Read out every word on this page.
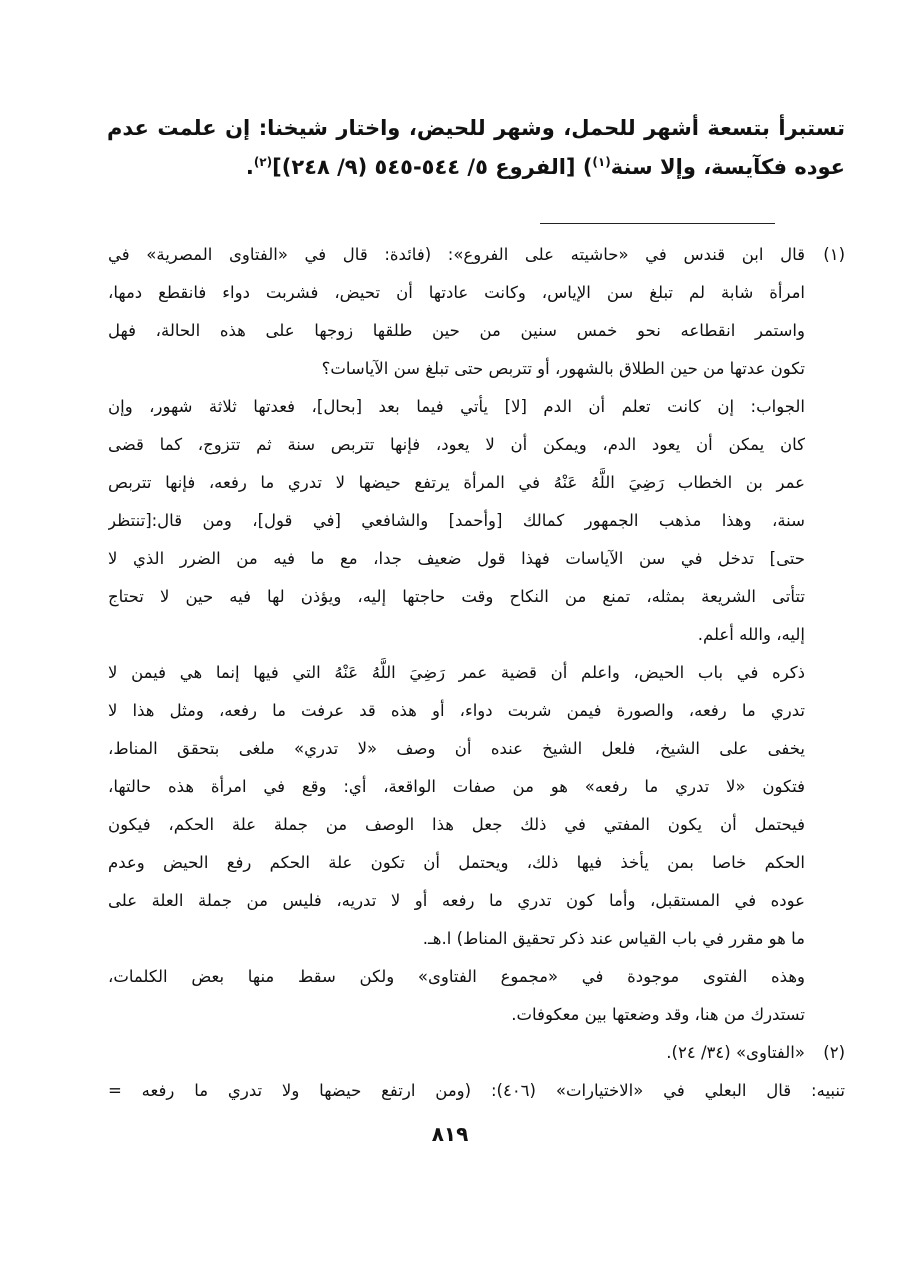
تستبرأ بتسعة أشهر للحمل، وشهر للحيض، واختار شيخنا: إن علمت عدم
عوده فكآيسة، وإلا سنة$^{(١)}$) [الفروع ٥/ ٥٤٤-٥٤٥ (٩/ ٢٤٨)]$^{(٢)}$.
(١)قال ابن قندس في «حاشيته على الفروع»: (فائدة: قال في «الفتاوى المصرية» في
امرأة شابة لم تبلغ سن الإياس، وكانت عادتها أن تحيض، فشربت دواء فانقطع دمها،
واستمر انقطاعه نحو خمس سنين من حين طلقها زوجها على هذه الحالة، فهل
تكون عدتها من حين الطلاق بالشهور، أو تتربص حتى تبلغ سن الآياسات؟
الجواب: إن كانت تعلم أن الدم [لا] يأتي فيما بعد [بحال]، فعدتها ثلاثة شهور، وإن
كان يمكن أن يعود الدم، ويمكن أن لا يعود، فإنها تتربص سنة ثم تتزوج، كما قضى
عمر بن الخطاب رَضِيَ اللَّهُ عَنْهُ في المرأة يرتفع حيضها لا تدري ما رفعه، فإنها تتربص
سنة، وهذا مذهب الجمهور كمالك [وأحمد] والشافعي [في قول]، ومن قال:[تنتظر
حتى] تدخل في سن الآياسات فهذا قول ضعيف جدا، مع ما فيه من الضرر الذي لا
تتأتى الشريعة بمثله، تمنع من النكاح وقت حاجتها إليه، ويؤذن لها فيه حين لا تحتاج
إليه، والله أعلم.
ذكره في باب الحيض، واعلم أن قضية عمر رَضِيَ اللَّهُ عَنْهُ التي فيها إنما هي فيمن لا
تدري ما رفعه، والصورة فيمن شربت دواء، أو هذه قد عرفت ما رفعه، ومثل هذا لا
يخفى على الشيخ، فلعل الشيخ عنده أن وصف «لا تدري» ملغى بتحقق المناط،
فتكون «لا تدري ما رفعه» هو من صفات الواقعة، أي: وقع في امرأة هذه حالتها،
فيحتمل أن يكون المفتي في ذلك جعل هذا الوصف من جملة علة الحكم، فيكون
الحكم خاصا بمن يأخذ فيها ذلك، ويحتمل أن تكون علة الحكم رفع الحيض وعدم
عوده في المستقبل، وأما كون تدري ما رفعه أو لا تدريه، فليس من جملة العلة على
ما هو مقرر في باب القياس عند ذكر تحقيق المناط) ا.هـ.
وهذه الفتوى موجودة في «مجموع الفتاوى» ولكن سقط منها بعض الكلمات،
تستدرك من هنا، وقد وضعتها بين معكوفات.
(٢)«الفتاوى» (٣٤/ ٢٤).
تنبيه: قال البعلي في «الاختيارات» (٤٠٦): (ومن ارتفع حيضها ولا تدري ما رفعه =
٨١٩
